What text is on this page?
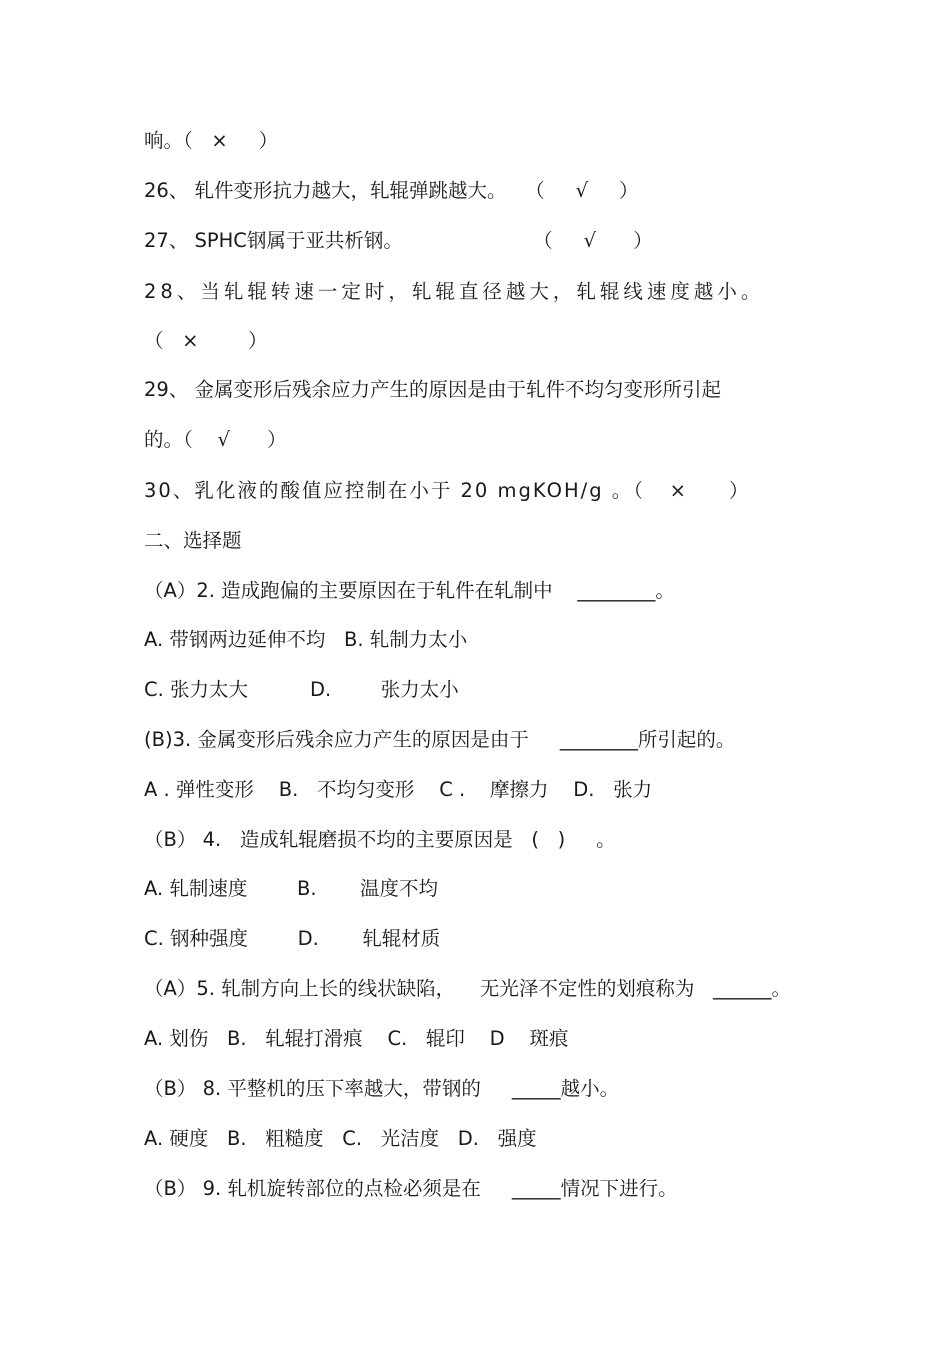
响。（   ×     ）
26、 轧件变形抗力越大，轧辊弹跳越大。   （     √     ）
27、 SPHC钢属于亚共析钢。                     （     √      ）
28、当轧辊转速一定时，轧辊直径越大，轧辊线速度越小。
（   ×        ）
29、 金属变形后残余应力产生的原因是由于轧件不均匀变形所引起
的。（    √      ）
30、乳化液的酸值应控制在小于 20 mgKOH/g 。（   ×     ）
二、选择题
（A）2. 造成跑偏的主要原因在于轧件在轧制中    ________。
A. 带钢两边延伸不均   B. 轧制力太小
C. 张力太大          D.        张力太小
(B)3. 金属变形后残余应力产生的原因是由于     ________所引起的。
A . 弹性变形    B.   不均匀变形    C .    摩擦力    D.   张力
（B） 4.   造成轧辊磨损不均的主要原因是   (   )     。
A. 轧制速度        B.       温度不均
C. 钢种强度        D.       轧辊材质
（A）5. 轧制方向上长的线状缺陷，    无光泽不定性的划痕称为   ______。
A. 划伤   B.   轧辊打滑痕    C.   辊印    D    斑痕
（B） 8. 平整机的压下率越大，带钢的     _____越小。
A. 硬度   B.   粗糙度   C.   光洁度   D.   强度
（B） 9. 轧机旋转部位的点检必须是在     _____情况下进行。
